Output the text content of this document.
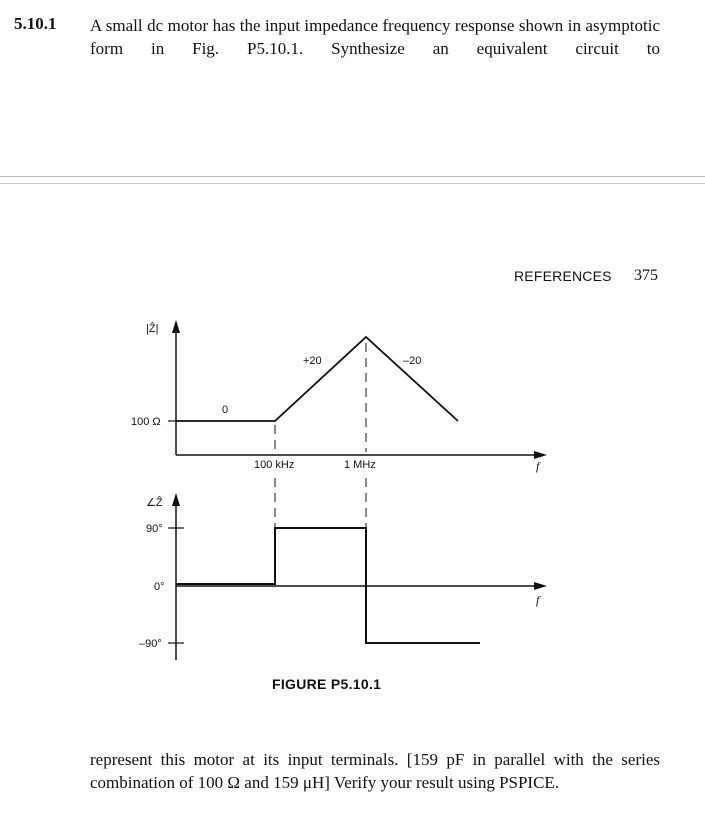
5.10.1 A small dc motor has the input impedance frequency response shown in asymptotic form in Fig. P5.10.1. Synthesize an equivalent circuit to
REFERENCES 375
|Ẑ|
100 Ω
0
+20	–20
100 kHz	1 MHz	f
∠Ẑ
90°
0°
–90°
f
FIGURE P5.10.1
represent this motor at its input terminals. [159 pF in parallel with the series combination of 100 Ω and 159 μH] Verify your result using PSPICE.
